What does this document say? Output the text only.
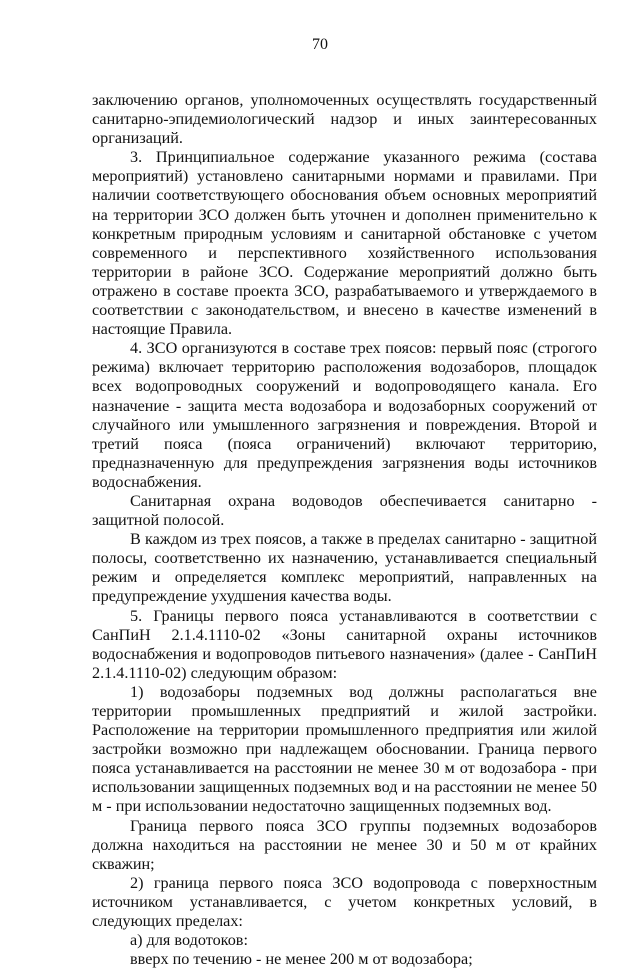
70

заключению органов, уполномоченных осуществлять государственный санитарно-эпидемиологический надзор и иных заинтересованных организаций.

3. Принципиальное содержание указанного режима (состава мероприятий) установлено санитарными нормами и правилами. При наличии соответствующего обоснования объем основных мероприятий на территории ЗСО должен быть уточнен и дополнен применительно к конкретным природным условиям и санитарной обстановке с учетом современного и перспективного хозяйственного использования территории в районе ЗСО. Содержание мероприятий должно быть отражено в составе проекта ЗСО, разрабатываемого и утверждаемого в соответствии с законодательством, и внесено в качестве изменений в настоящие Правила.

4. ЗСО организуются в составе трех поясов: первый пояс (строгого режима) включает территорию расположения водозаборов, площадок всех водопроводных сооружений и водопроводящего канала. Его назначение - защита места водозабора и водозаборных сооружений от случайного или умышленного загрязнения и повреждения. Второй и третий пояса (пояса ограничений) включают территорию, предназначенную для предупреждения загрязнения воды источников водоснабжения.

Санитарная охрана водоводов обеспечивается санитарно - защитной полосой.

В каждом из трех поясов, а также в пределах санитарно - защитной полосы, соответственно их назначению, устанавливается специальный режим и определяется комплекс мероприятий, направленных на предупреждение ухудшения качества воды.

5. Границы первого пояса устанавливаются в соответствии с СанПиН 2.1.4.1110-02 «Зоны санитарной охраны источников водоснабжения и водопроводов питьевого назначения» (далее - СанПиН 2.1.4.1110-02) следующим образом:

1) водозаборы подземных вод должны располагаться вне территории промышленных предприятий и жилой застройки. Расположение на территории промышленного предприятия или жилой застройки возможно при надлежащем обосновании. Граница первого пояса устанавливается на расстоянии не менее 30 м от водозабора - при использовании защищенных подземных вод и на расстоянии не менее 50 м - при использовании недостаточно защищенных подземных вод.

Граница первого пояса ЗСО группы подземных водозаборов должна находиться на расстоянии не менее 30 и 50 м от крайних скважин;

2) граница первого пояса ЗСО водопровода с поверхностным источником устанавливается, с учетом конкретных условий, в следующих пределах:

а) для водотоков:

вверх по течению - не менее 200 м от водозабора;
